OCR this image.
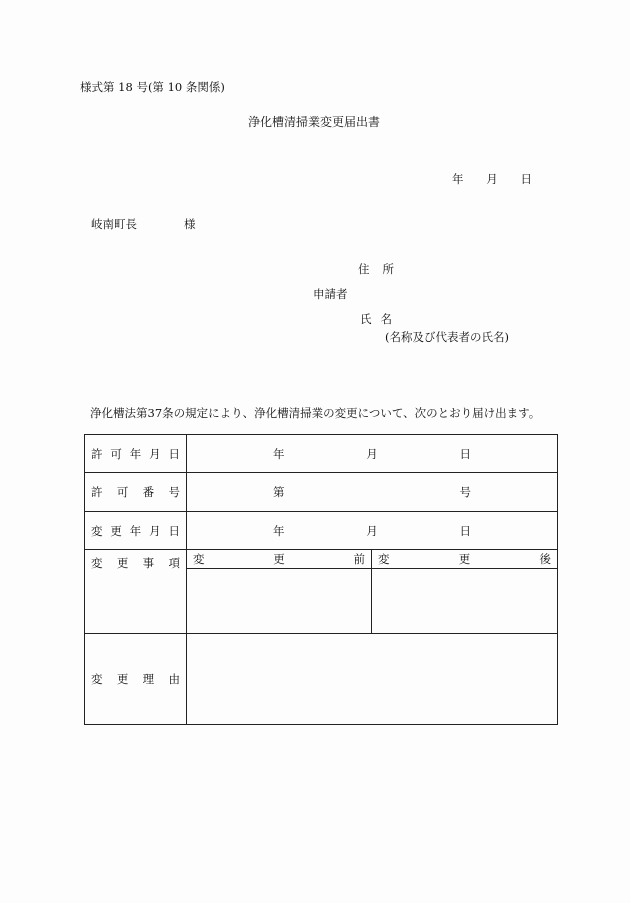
様式第 18 号(第 10 条関係)
浄化槽清掃業変更届出書
年 月 日
岐南町長	様
住 所
申請者
氏 名
(名称及び代表者の氏名)
浄化槽法第37条の規定により、浄化槽清掃業の変更について、次のとおり届け出ます。
許 可 年 月 日	年 月 日	

許 可 番 号	第 号	

変 更 年 月 日	年 月 日	

変 更 事 項	変 更 前	変 更 後

変 更 理 由		
